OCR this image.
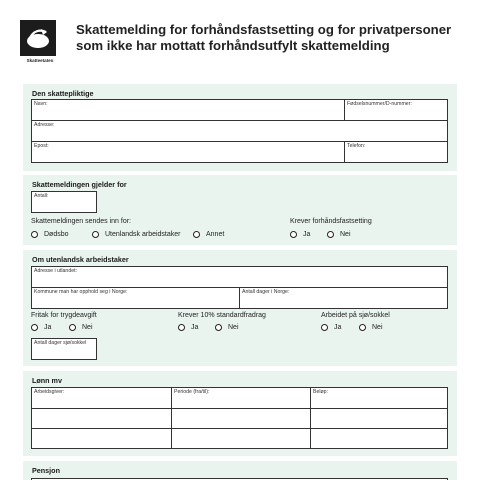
Skatteetaten
Skattemelding for forhåndsfastsetting og for privatpersoner som ikke har mottatt forhåndsutfylt skattemelding
Den skattepliktige
Navn:	Fødselsnummer/D-nummer:
Adresse:
Epost:	Telefon:
Skattemeldingen gjelder for
Antall:
Skattemeldingen sendes inn for:
Dødsbo	Utenlandsk arbeidstaker	Annet
Krever forhåndsfastsetting
Ja	Nei
Om utenlandsk arbeidstaker
Adresse i utlandet:
Kommune man har opphold seg i Norge:	Antall dager i Norge:
Fritak for trygdeavgift
Ja	Nei
Krever 10% standardfradrag
Ja	Nei
Arbeidet på sjø/sokkel
Ja	Nei
Antall dager sjø/sokkel
Lønn mv
Arbeidsgiver:	Periode (fra/til):	Beløp:
Pensjon
